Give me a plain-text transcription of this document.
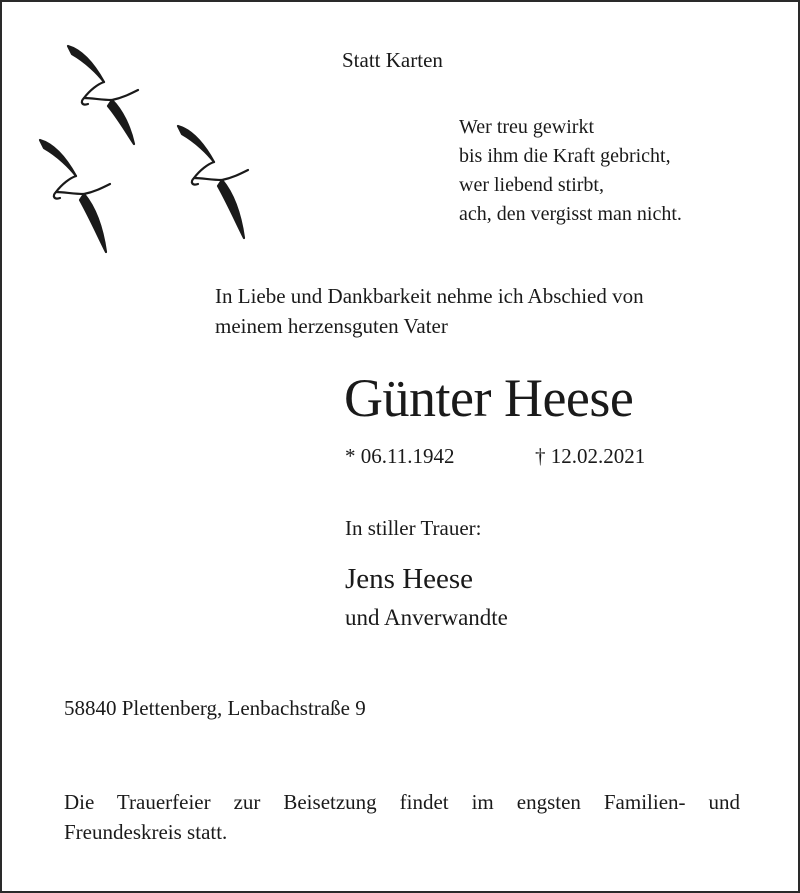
Statt Karten
Wer treu gewirkt
bis ihm die Kraft gebricht,
wer liebend stirbt,
ach, den vergisst man nicht.
In Liebe und Dankbarkeit nehme ich Abschied von
meinem herzensguten Vater
Günter Heese
* 06.11.1942	† 12.02.2021
In stiller Trauer:
Jens Heese
und Anverwandte
58840 Plettenberg, Lenbachstraße 9
Die Trauerfeier zur Beisetzung findet im engsten Familien- und
Freundeskreis statt.
